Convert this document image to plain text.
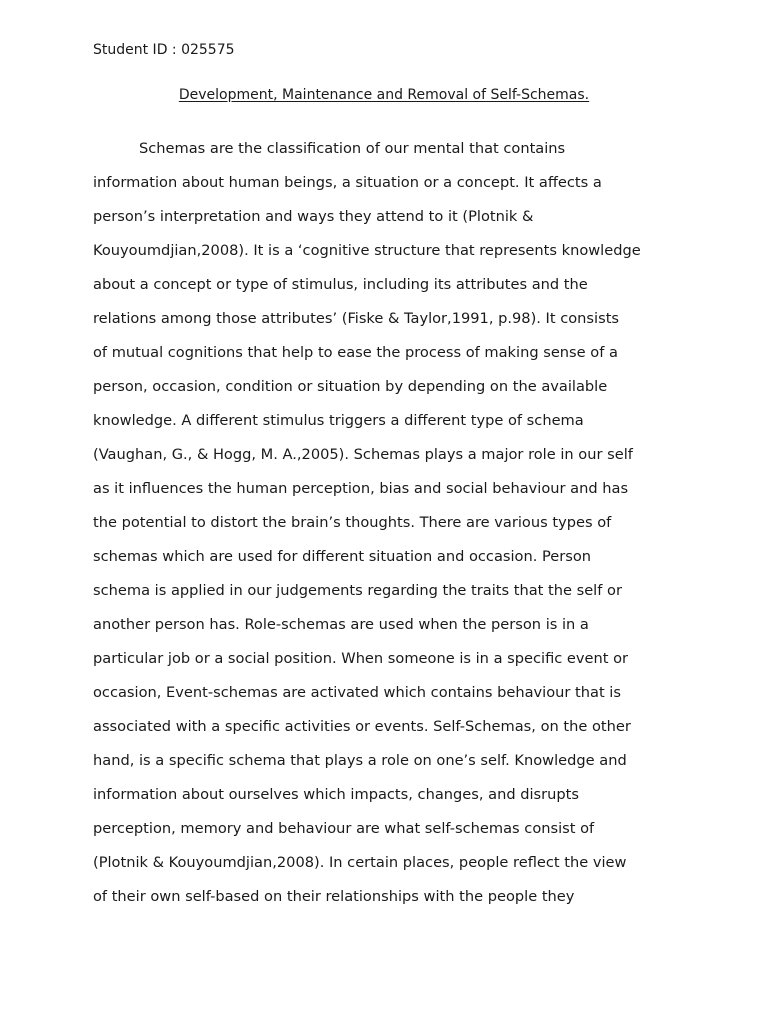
Student ID : 025575
Development, Maintenance and Removal of Self-Schemas.
Schemas are the classification of our mental that contains
information about human beings, a situation or a concept. It affects a
person’s interpretation and ways they attend to it (Plotnik &
Kouyoumdjian,2008). It is a ‘cognitive structure that represents knowledge
about a concept or type of stimulus, including its attributes and the
relations among those attributes’ (Fiske & Taylor,1991, p.98). It consists
of mutual cognitions that help to ease the process of making sense of a
person, occasion, condition or situation by depending on the available
knowledge. A different stimulus triggers a different type of schema
(Vaughan, G., & Hogg, M. A.,2005). Schemas plays a major role in our self
as it influences the human perception, bias and social behaviour and has
the potential to distort the brain’s thoughts. There are various types of
schemas which are used for different situation and occasion. Person
schema is applied in our judgements regarding the traits that the self or
another person has. Role-schemas are used when the person is in a
particular job or a social position. When someone is in a specific event or
occasion, Event-schemas are activated which contains behaviour that is
associated with a specific activities or events. Self-Schemas, on the other
hand, is a specific schema that plays a role on one’s self. Knowledge and
information about ourselves which impacts, changes, and disrupts
perception, memory and behaviour are what self-schemas consist of
(Plotnik & Kouyoumdjian,2008). In certain places, people reflect the view
of their own self-based on their relationships with the people they
